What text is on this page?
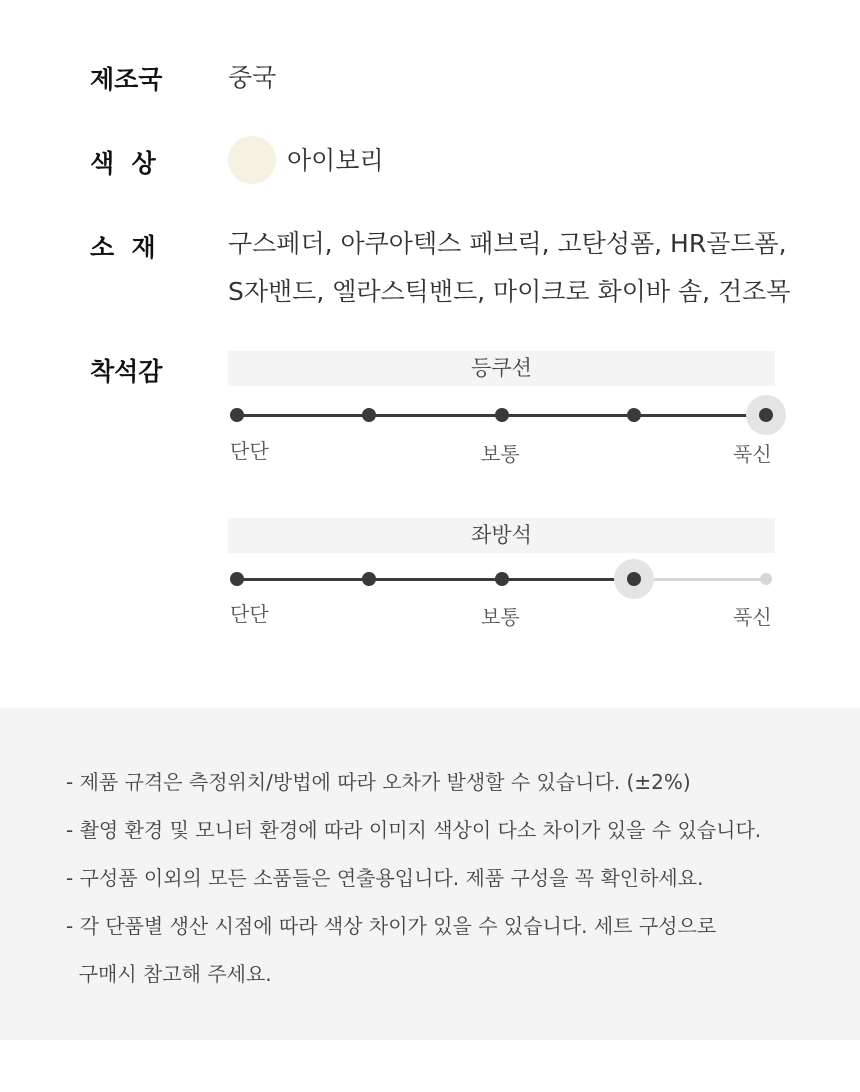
제조국	중국
색  상	아이보리
소  재	구스페더, 아쿠아텍스 패브릭, 고탄성폼, HR골드폼,
S자밴드, 엘라스틱밴드, 마이크로 화이바 솜, 건조목
착석감	등쿠션
단단	보통	푹신
좌방석
단단	보통	푹신
- 제품 규격은 측정위치/방법에 따라 오차가 발생할 수 있습니다. (±2%)
- 촬영 환경 및 모니터 환경에 따라 이미지 색상이 다소 차이가 있을 수 있습니다.
- 구성품 이외의 모든 소품들은 연출용입니다. 제품 구성을 꼭 확인하세요.
- 각 단품별 생산 시점에 따라 색상 차이가 있을 수 있습니다. 세트 구성으로
구매시 참고해 주세요.
